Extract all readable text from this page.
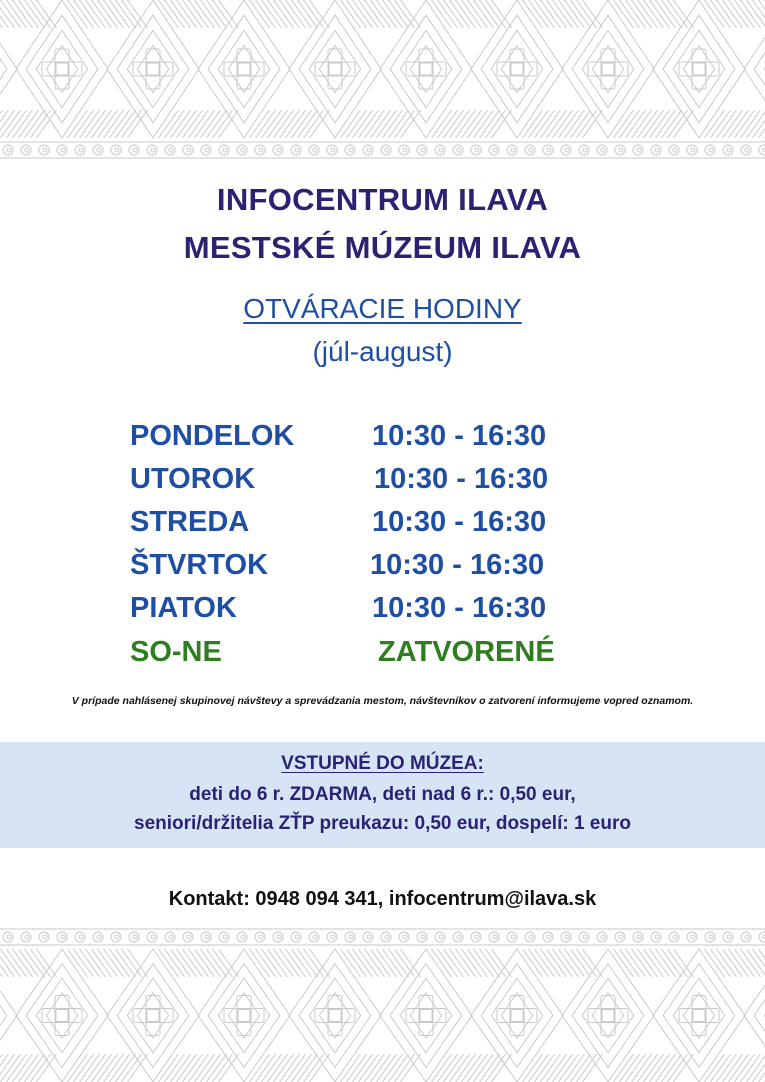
INFOCENTRUM ILAVA
MESTSKÉ MÚZEUM ILAVA
OTVÁRACIE HODINY
(júl-august)
PONDELOK	10:30 - 16:30
UTOROK	10:30 - 16:30
STREDA	10:30 - 16:30
ŠTVRTOK	10:30 - 16:30
PIATOK	10:30 - 16:30
SO-NE	ZATVORENÉ
V prípade nahlásenej skupinovej návštevy a sprevádzania mestom, návštevníkov o zatvorení informujeme vopred oznamom.
VSTUPNÉ DO MÚZEA:
deti do 6 r. ZDARMA, deti nad 6 r.: 0,50 eur,
seniori/držitelia ZŤP preukazu: 0,50 eur, dospelí: 1 euro
Kontakt: 0948 094 341, infocentrum@ilava.sk
